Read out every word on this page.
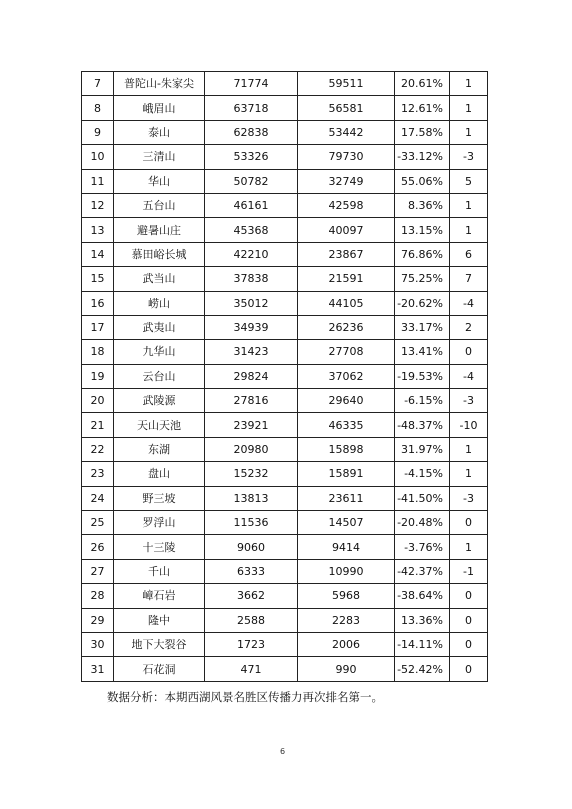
7	普陀山-朱家尖	71774	59511	20.61%	1
8	峨眉山	63718	56581	12.61%	1
9	泰山	62838	53442	17.58%	1
10	三清山	53326	79730	-33.12%	-3
11	华山	50782	32749	55.06%	5
12	五台山	46161	42598	8.36%	1
13	避暑山庄	45368	40097	13.15%	1
14	慕田峪长城	42210	23867	76.86%	6
15	武当山	37838	21591	75.25%	7
16	崂山	35012	44105	-20.62%	-4
17	武夷山	34939	26236	33.17%	2
18	九华山	31423	27708	13.41%	0
19	云台山	29824	37062	-19.53%	-4
20	武陵源	27816	29640	-6.15%	-3
21	天山天池	23921	46335	-48.37%	-10
22	东湖	20980	15898	31.97%	1
23	盘山	15232	15891	-4.15%	1
24	野三坡	13813	23611	-41.50%	-3
25	罗浮山	11536	14507	-20.48%	0
26	十三陵	9060	9414	-3.76%	1
27	千山	6333	10990	-42.37%	-1
28	嶂石岩	3662	5968	-38.64%	0
29	隆中	2588	2283	13.36%	0
30	地下大裂谷	1723	2006	-14.11%	0
31	石花洞	471	990	-52.42%	0
数据分析：本期西湖风景名胜区传播力再次排名第一。
6
